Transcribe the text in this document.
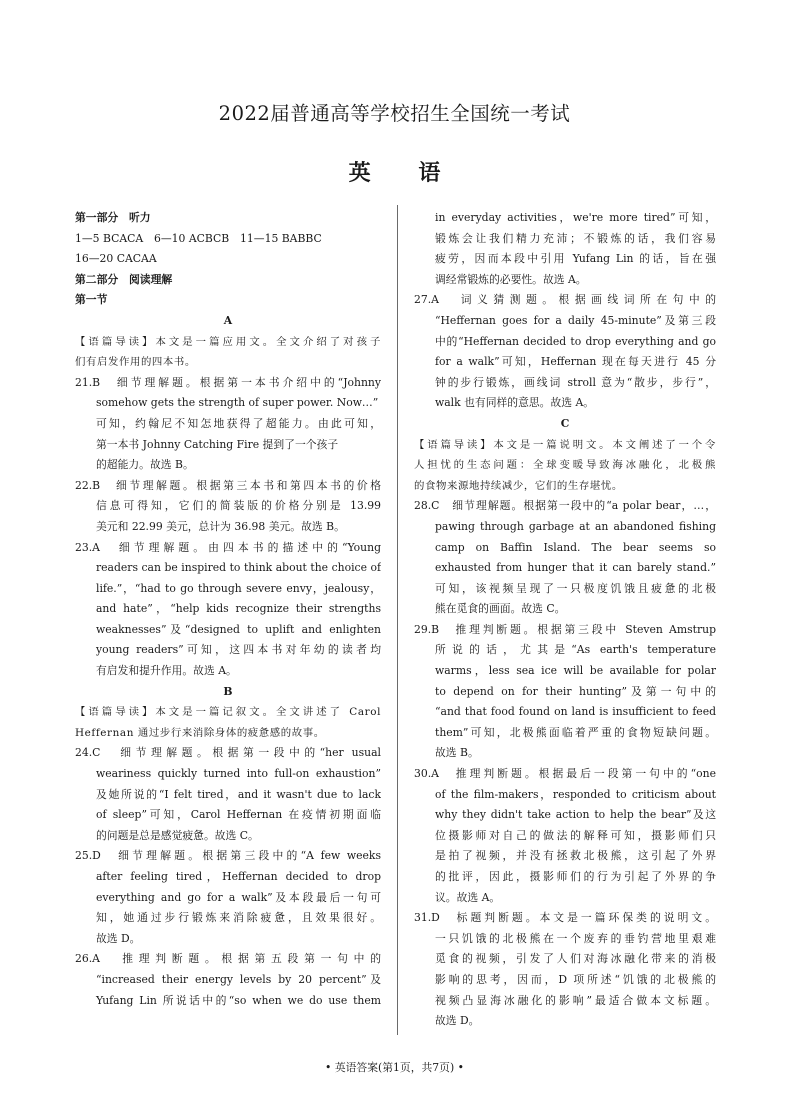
2022届普通高等学校招生全国统一考试
英 语
第一部分　听力
1—5 BCACA　6—10 ACBCB　11—15 BABBC
16—20 CACAA
第二部分　阅读理解
第一节
A
【语篇导读】本文是一篇应用文。全文介绍了对孩子
们有启发作用的四本书。
21.B　细节理解题。根据第一本书介绍中的“Johnny
somehow gets the strength of super power. Now…”
可知，约翰尼不知怎地获得了超能力。由此可知，
第一本书 Johnny Catching Fire 提到了一个孩子
的超能力。故选 B。
22.B　细节理解题。根据第三本书和第四本书的价格
信息可得知，它们的简装版的价格分别是 13.99
美元和 22.99 美元，总计为 36.98 美元。故选 B。
23.A　细节理解题。由四本书的描述中的“Young
readers can be inspired to think about the choice of
life.”，“had to go through severe envy，jealousy，
and hate”，“help kids recognize their strengths
weaknesses”及“designed to uplift and enlighten
young readers”可知，这四本书对年幼的读者均
有启发和提升作用。故选 A。
B
【语篇导读】本文是一篇记叙文。全文讲述了 Carol
Heffernan 通过步行来消除身体的疲惫感的故事。
24.C　细节理解题。根据第一段中的“her usual
weariness quickly turned into full-on exhaustion”
及她所说的“I felt tired，and it wasn't due to lack
of sleep”可知，Carol Heffernan 在疫情初期面临
的问题是总是感觉疲惫。故选 C。
25.D　细节理解题。根据第三段中的“A few weeks
after feeling tired，Heffernan decided to drop
everything and go for a walk”及本段最后一句可
知，她通过步行锻炼来消除疲惫，且效果很好。
故选 D。
26.A　推理判断题。根据第五段第一句中的
“increased their energy levels by 20 percent”及
Yufang Lin 所说话中的“so when we do use them
in everyday activities，we're more tired”可知，
锻炼会让我们精力充沛；不锻炼的话，我们容易
疲劳，因而本段中引用 Yufang Lin 的话，旨在强
调经常锻炼的必要性。故选 A。
27.A　词义猜测题。根据画线词所在句中的
“Heffernan goes for a daily 45-minute”及第三段
中的“Heffernan decided to drop everything and go
for a walk”可知，Heffernan 现在每天进行 45 分
钟的步行锻炼，画线词 stroll 意为“散步，步行”，
walk 也有同样的意思。故选 A。
C
【语篇导读】本文是一篇说明文。本文阐述了一个令
人担忧的生态问题：全球变暖导致海冰融化，北极熊
的食物来源地持续减少，它们的生存堪忧。
28.C　细节理解题。根据第一段中的“a polar bear，…，
pawing through garbage at an abandoned fishing
camp on Baffin Island. The bear seems so
exhausted from hunger that it can barely stand.”
可知，该视频呈现了一只极度饥饿且疲惫的北极
熊在觅食的画面。故选 C。
29.B　推理判断题。根据第三段中 Steven Amstrup
所说的话，尤其是“As earth's temperature
warms，less sea ice will be available for polar
to depend on for their hunting”及第一句中的
“and that food found on land is insufficient to feed
them”可知，北极熊面临着严重的食物短缺问题。
故选 B。
30.A　推理判断题。根据最后一段第一句中的“one
of the film-makers，responded to criticism about
why they didn't take action to help the bear”及这
位摄影师对自己的做法的解释可知，摄影师们只
是拍了视频，并没有拯救北极熊，这引起了外界
的批评，因此，摄影师们的行为引起了外界的争
议。故选 A。
31.D　标题判断题。本文是一篇环保类的说明文。
一只饥饿的北极熊在一个废弃的垂钓营地里艰难
觅食的视频，引发了人们对海冰融化带来的消极
影响的思考，因而，D 项所述“饥饿的北极熊的
视频凸显海冰融化的影响”最适合做本文标题。
故选 D。
• 英语答案(第1页，共7页) •
